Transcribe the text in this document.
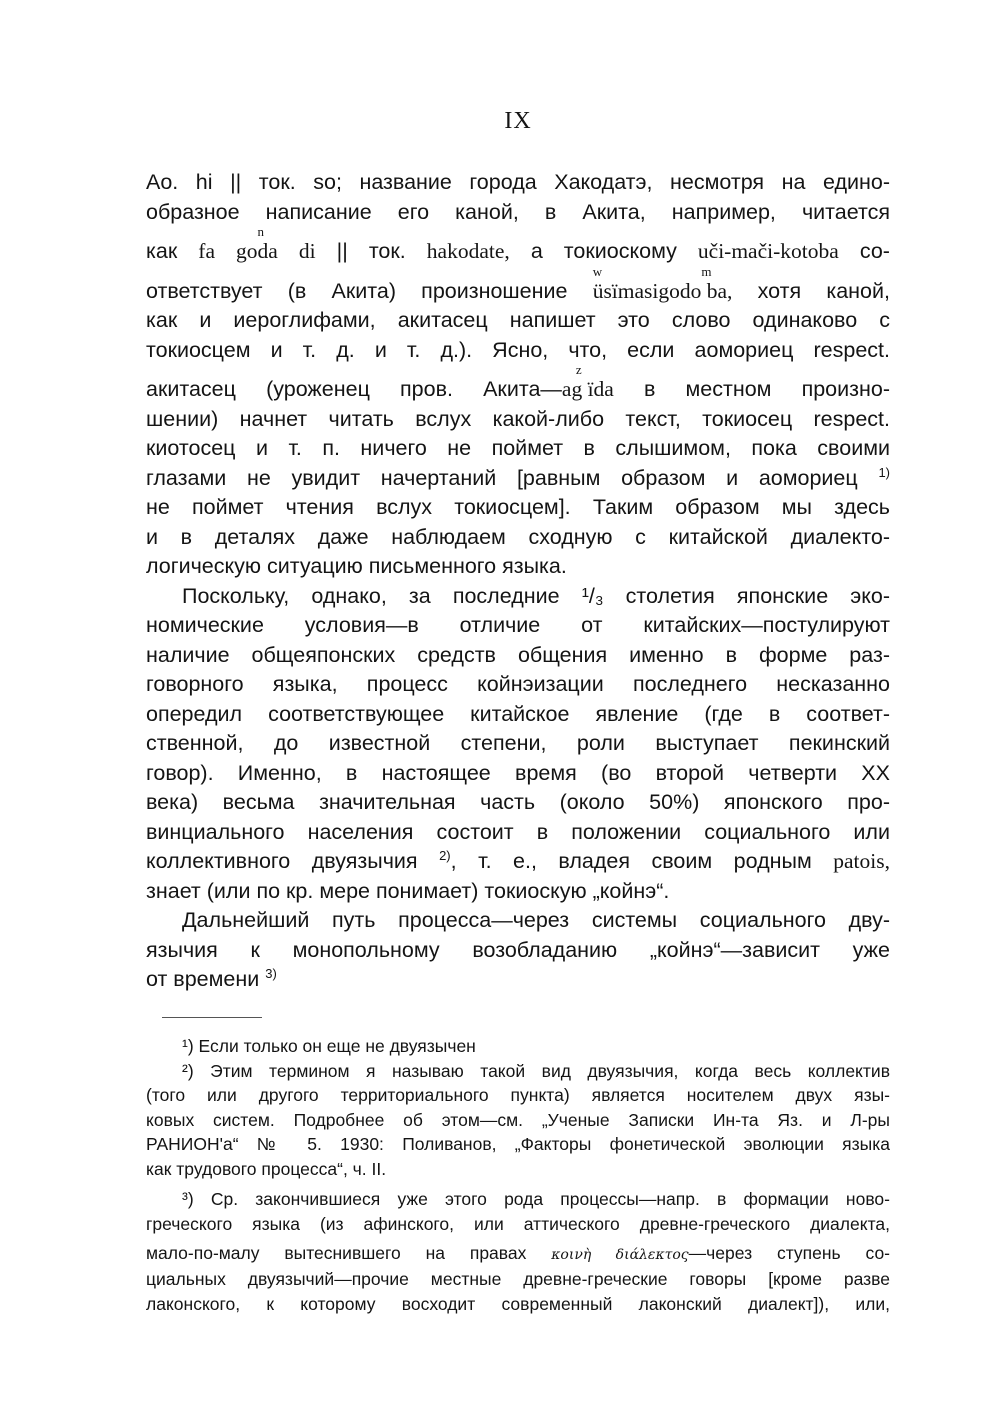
IX
Ао. hi || ток. so; название города Хакодатэ, несмотря на едино-
образное написание его каной, в Акита, например, читается
как fa go
n
da di || ток. hakodate, а токиоскому uči-mači-kotoba со-
ответствует (в Акита) произношение
w
üsïmasigodo
m
ba, хотя каной,
как и иероглифами, акитасец напишет это слово одинаково с
токиосцем и т. д. и т. д.). Ясно, что, если аомориец respect.
акитасец (уроженец пров. Акита—
z
ag ïda в местном произно-
шении) начнет читать вслух какой-либо текст, токиосец respect.
киотосец и т. п. ничего не поймет в слышимом, пока своими
глазами не увидит начертаний [равным образом и аомориец $^{1)}$
не поймет чтения вслух токиосцем]. Таким образом мы здесь
и в деталях даже наблюдаем сходную с китайской диалекто-
логическую ситуацию письменного языка.
Поскольку, однако, за последние ¹/₃ столетия японские эко-
номические условия—в отличие от китайских—постулируют
наличие общеяпонских средств общения именно в форме раз-
говорного языка, процесс койнэизации последнего несказанно
опередил соответствующее китайское явление (где в соответ-
ственной, до известной степени, роли выступает пекинский
говор). Именно, в настоящее время (во второй четверти XX
века) весьма значительная часть (около 50%) японского про-
винциального населения состоит в положении социального или
коллективного двуязычия $^{2)}$, т. е., владея своим родным patois,
знает (или по кр. мере понимает) токиоскую „койнэ“.
Дальнейший путь процесса—через системы социального дву-
язычия к монопольному возобладанию „койнэ“—зависит уже
от времени $^{3)}$
¹) Если только он еще не двуязычен
²) Этим термином я называю такой вид двуязычия, когда весь коллектив
(того или другого территориального пункта) является носителем двух язы-
ковых систем. Подробнее об этом—см. „Ученые Записки Ин-та Яз. и Л-ры
РАНИОН'а“ № 5. 1930: Поливанов, „Факторы фонетической эволюции языка
как трудового процесса“, ч. II.
³) Ср. закончившиеся уже этого рода процессы—напр. в формации ново-
греческого языка (из афинского, или аттического древне-греческого диалекта,
мало-по-малу вытеснившего на правах κοινὴ διάλεκτος—через ступень со-
циальных двуязычий—прочие местные древне-греческие говоры [кроме разве
лаконского, к которому восходит современный лаконский диалект]), или,
